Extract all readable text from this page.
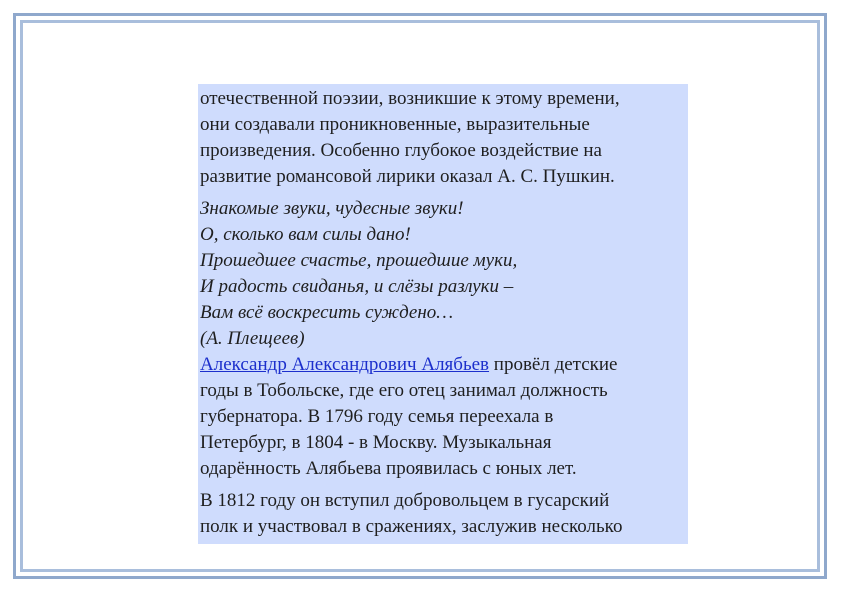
отечественной поэзии, возникшие к этому времени,
они создавали проникновенные, выразительные
произведения. Особенно глубокое воздействие на
развитие романсовой лирики оказал А. С. Пушкин.

Знакомые звуки, чудесные звуки!
О, сколько вам силы дано!
Прошедшее счастье, прошедшие муки,
И радость свиданья, и слёзы разлуки –
Вам всё воскресить суждено…
(А. Плещеев)

Александр Александрович Алябьев провёл детские
годы в Тобольске, где его отец занимал должность
губернатора. В 1796 году семья переехала в
Петербург, в 1804 - в Москву. Музыкальная
одарённость Алябьева проявилась с юных лет.

В 1812 году он вступил добровольцем в гусарский
полк и участвовал в сражениях, заслужив несколько
